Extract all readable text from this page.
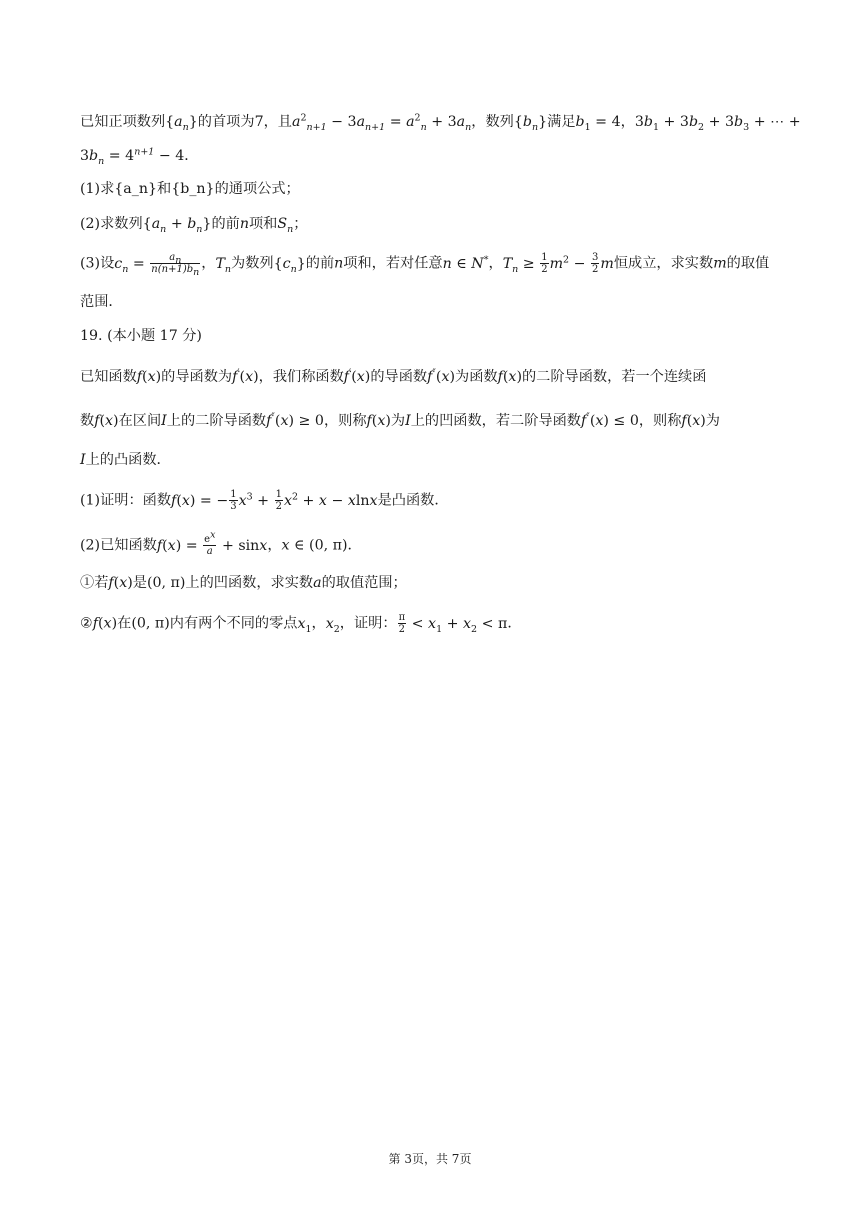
已知正项数列$\{a_n\}$的首项为7，且$a^2_{n+1} - 3a_{n+1} = a^2_n + 3a_n$，数列$\{b_n\}$满足$b_1 = 4$，$3b_1 + 3b_2 + 3b_3$ + ⋯ +
$3b_n = 4^{n+1} - 4$．
(1)求{a_n}和{b_n}的通项公式；
(2)求数列$\{a_n + b_n\}$的前n项和$S_n$；
(3)设$c_n = \frac{a_n}{n(n+1)b_n}$ ，$T_n$为数列$\{c_n\}$的前n项和，若对任意n ∈ N*，$T_n \ge \frac{1}{2} m^2 - \frac{3}{2}$ m恒成立，求实数m的取值
范围．
19. (本小题 17 分)
已知函数f(x)的导函数为f′(x)，我们称函数f′(x)的导函数f″(x)为函数f(x)的二阶导函数，若一个连续函
数f(x)在区间I上的二阶导函数f″(x) ≥ 0，则称f(x)为I上的凹函数，若二阶导函数f″(x) ≤ 0，则称f(x)为
I上的凸函数．
(1)证明：函数f(x) = − $\frac{1}{3} x^3 + \frac{1}{2} x^2 + x - xlnx$是凸函数．
(2)已知函数$f(x) = \frac{e^x}{a} + \sin x$，x ∈ (0, π)．
①若f(x)是(0, π)上的凹函数，求实数a的取值范围；
②f(x)在(0, π)内有两个不同的零点$x_1$，$x_2$，证明： $\frac{\pi}{2} < x_1 + x_2 < \pi$．
第 3页，共 7页
